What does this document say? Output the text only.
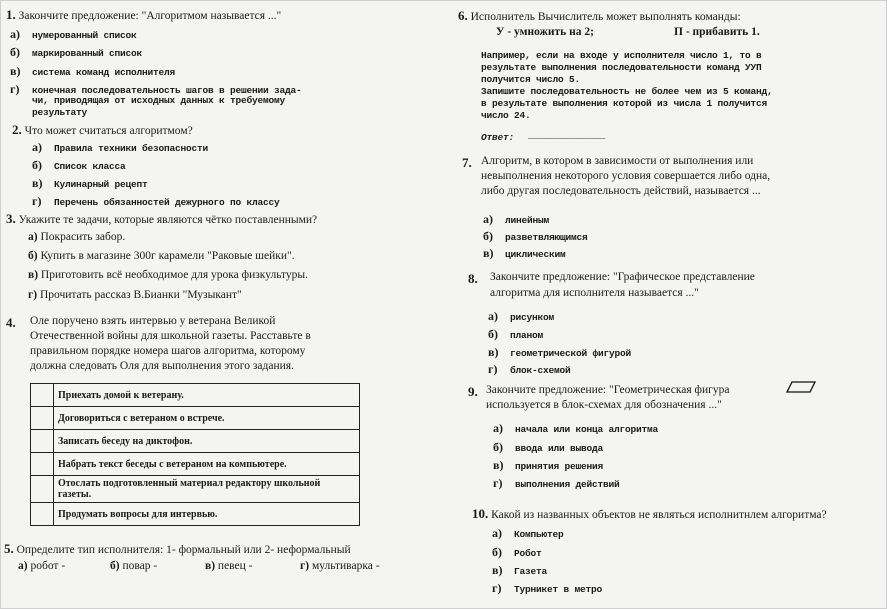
1. Закончите предложение: "Алгоритмом называется ..."
а) нумерованный список
б) маркированный список
в) система команд исполнителя
г) конечная последовательность шагов в решении зада-
чи, приводящая от исходных данных к требуемому
результату
2. Что может считаться алгоритмом?
а) Правила техники безопасности
б) Список класса
в) Кулинарный рецепт
г) Перечень обязанностей дежурного по классу
3. Укажите те задачи, которые являются чётко поставленными?
а) Покрасить забор.
б) Купить в магазине 300г карамели "Раковые шейки".
в) Приготовить всё необходимое для урока физкультуры.
г) Прочитать рассказ В.Бианки "Музыкант"
4. Оле поручено взять интервью у ветерана Великой
Отечественной войны для школьной газеты. Расставьте в
правильном порядке номера шагов алгоритма, которому
должна следовать Оля для выполнения этого задания.
	Приехать домой к ветерану.
	Договориться с ветераном о встрече.
	Записать беседу на диктофон.
	Набрать текст беседы с ветераном на компьютере.
	Отослать подготовленный материал редактору школьной газеты.
	Продумать вопросы для интервью.
5. Определите тип исполнителя: 1- формальный или 2- неформальный
а) робот -	б) повар -	в) певец -	г) мультиварка -
6. Исполнитель Вычислитель может выполнять команды:
У - умножить на 2;	П - прибавить 1.
Например, если на входе у исполнителя число 1, то в
результате выполнения последовательности команд УУП
получится число 5.
Запишите последовательность не более чем из 5 команд,
в результате выполнения которой из числа 1 получится
число 24.
Ответ: ______________
7. Алгоритм, в котором в зависимости от выполнения или
невыполнения некоторого условия совершается либо одна,
либо другая последовательность действий, называется ...
а) линейным
б) разветвляющимся
в) циклическим
8. Закончите предложение: "Графическое представление
алгоритма для исполнителя называется ..."
а) рисунком
б) планом
в) геометрической фигурой
г) блок-схемой
9. Закончите предложение: "Геометрическая фигура
используется в блок-схемах для обозначения ..."
а) начала или конца алгоритма
б) ввода или вывода
в) принятия решения
г) выполнения действий
10. Какой из названных объектов не являться исполнитнлем алгоритма?
а) Компьютер
б) Робот
в) Газета
г) Турникет в метро
